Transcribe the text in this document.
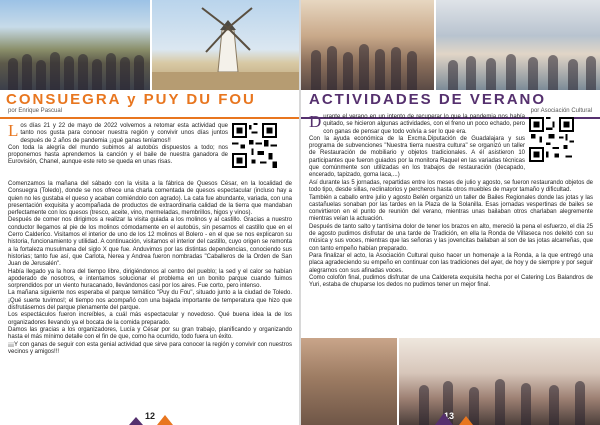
CONSUEGRA y PUY DU FOU
por Enrique Pascual
L os días 21 y 22 de mayo de 2022 volvemos a retomar esta actividad que tanto nos gusta para conocer nuestra región y convivir unos días juntos después de 2 años de pandemia ¡¡qué ganas teníamos!!

Con toda la alegría del mundo subimos al autobús dispuestos a todo; nos proponemos hasta aprendemos la canción y el baile de nuestra ganadora de Eurovisión, Chanel, aunque este reto se queda en unas risas.

Comenzamos la mañana del sábado con la visita a la fábrica de Quesos César, en la localidad de Consuegra (Toledo), donde se nos ofrece una charla comentada de quesos espectacular (incluso hay a quien no les gustaba el queso y acaban comiéndolo con agrado). La cata fue abundante, variada, con una presentación exquisita y acompañada de productos de extraordinaria calidad de la tierra que mandaban perfectamente con los quesos (tresco, aceite, vino, mermeladas, membrillos, higos y vinos).

Después de comer nos dirigimos a realizar la visita guiada a los molinos y al castillo. Gracias a nuestro conductor llegamos al pie de los molinos cómodamente en el autobús, sin pesarnos el castillo que en el Cerro Calderico. Visitamos el interior de uno de los 12 molinos el Bolero - en el que se nos explicaron su historia, funcionamiento y utilidad. A continuación, visitamos el interior del castillo, cuyo origen se remonta a la fortaleza musulmana del siglo X que fue. Anduvimos por las distintas dependencias, conociendo sus historias; tanto fue así, que Carlota, Nerea y Andrea fueron nombradas "Caballeros de la Orden de San Juan de Jerusalén".

Había llegado ya la hora del tiempo libre, dirigiéndonos al centro del pueblo; la sed y el calor se habían apoderado de nosotros, e intentamos solucionar el problema en un bonito parque cuando fuimos sorprendidos por un viento huracanado, llevándonos casi por los aires. Fue corto, pero intenso.

La mañana siguiente nos esperaba el parque temático "Puy du Fou", situado junto a la ciudad de Toledo. ¡Qué suerte tuvimos!; el tiempo nos acompañó con una bajada importante de temperatura que hizo que disfrutásemos del parque plenamente del parque.

Los espectáculos fueron increíbles, a cuál más espectacular y novedoso. Qué buena idea la de los organizadores llevando ya el bocata de la comida preparado.

Damos las gracias a los organizadores, Lucía y César por su gran trabajo, planificando y organizando hasta el más mínimo detalle con el fin de que, como ha ocurrido, todo fuera un éxito.

¡¡¡Y con ganas de seguir con esta genial actividad que sirve para conocer la región y convivir con nuestros vecinos y amigos!!!

12
ACTIVIDADES DE VERANO
por Asociación Cultural
D urante el verano en un intento de recuperar lo que la pandemia nos había quitado, se hicieron algunas actividades, con el freno un poco echado, pero con ganas de pensar que todo volvía a ser lo que era.

Con la ayuda económica de la Excma.Diputación de Guadalajara y sus programa de subvenciones "Nuestra tierra nuestra cultura" se organizó un taller de Restauración de mobiliario y objetos tradicionales. A él asistieron 10 participantes que fueron guiados por la monitora Raquel en las variadas técnicas que comúnmente son utilizadas en los trabajos de restauración (decapado, encerado, tapizado, goma laca,...)

Así durante las 5 jornadas, repartidas entre los meses de julio y agosto, se fueron restaurando objetos de todo tipo, desde sillas, reclinatorios y percheros hasta otros muebles de mayor tamaño y dificultad.

También a caballo entre julio y agosto Belén organizó un taller de Bailes Regionales donde las jotas y las castañuelas sonaban por las tardes en la Plaza de la Solanilla. Esas jornadas vespertinas de bailes se convirtieron en el punto de reunión del verano, mientras unas bailaban otros charlaban alegremente mientras veían la actuación.

Después de tanto salto y tantísima dolor de tener los brazos en alto, mereció la pena el esfuerzo, el día 25 de agosto pudimos disfrutar de una tarde de Tradición, en ella la Ronda de Villaseca nos deleitó con su música y sus voces, mientras que las señoras y las jovencitas bailaban al son de las jotas alcarreñas, que con tanto empeño habían preparado.

Para finalizar el acto, la Asociación Cultural quiso hacer un homenaje a la Ronda, a la que entregó una placa agradeciendo su empeño en continuar con las tradiciones del ayer, de hoy y de siempre y por seguir alegrarnos con sus afinadas voces.

Como colofón final, pudimos disfrutar de una Caldereta exquisita hecha por el Catering Los Balandros de Yuri, estaba de chuparse los dedos no pudimos tener un mejor final.

13
